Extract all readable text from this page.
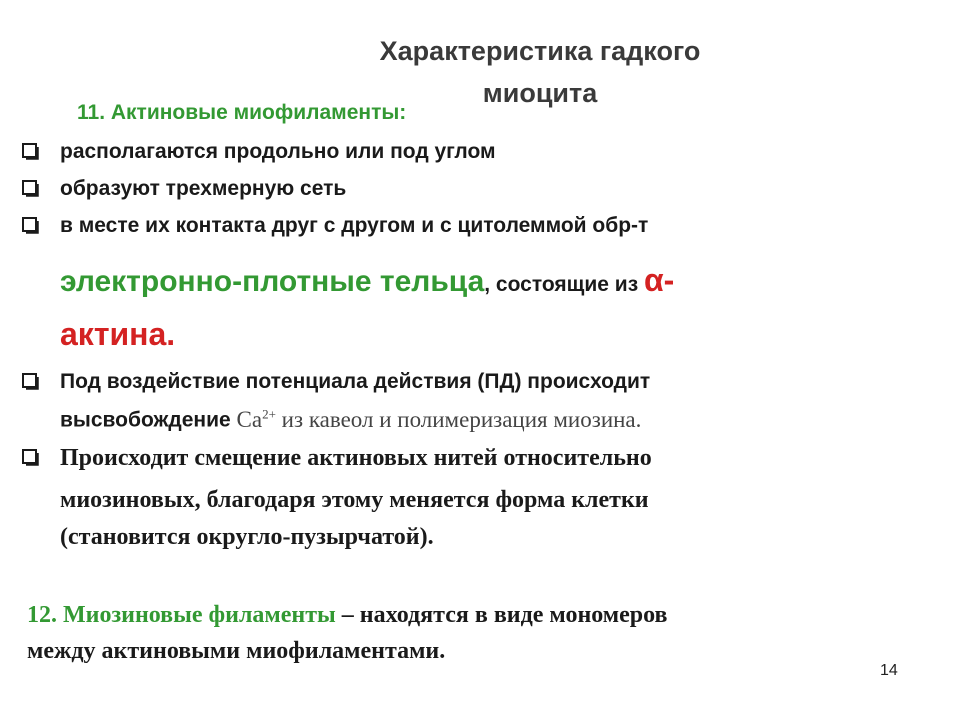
Характеристика гадкого
миоцита
11. Актиновые миофиламенты:
располагаются продольно или под углом
образуют трехмерную сеть
в месте их контакта друг с другом и с цитолеммой обр-т
электронно-плотные тельца, состоящие из α-
актина.
Под воздействие потенциала действия (ПД) происходит
высвобождение $Ca^{2+}$ из кавеол и полимеризация миозина.
Происходит смещение актиновых нитей относительно
миозиновых, благодаря этому меняется форма клетки
(становится округло-пузырчатой).
12. Миозиновые филаменты – находятся в виде мономеров
между актиновыми миофиламентами.
14
